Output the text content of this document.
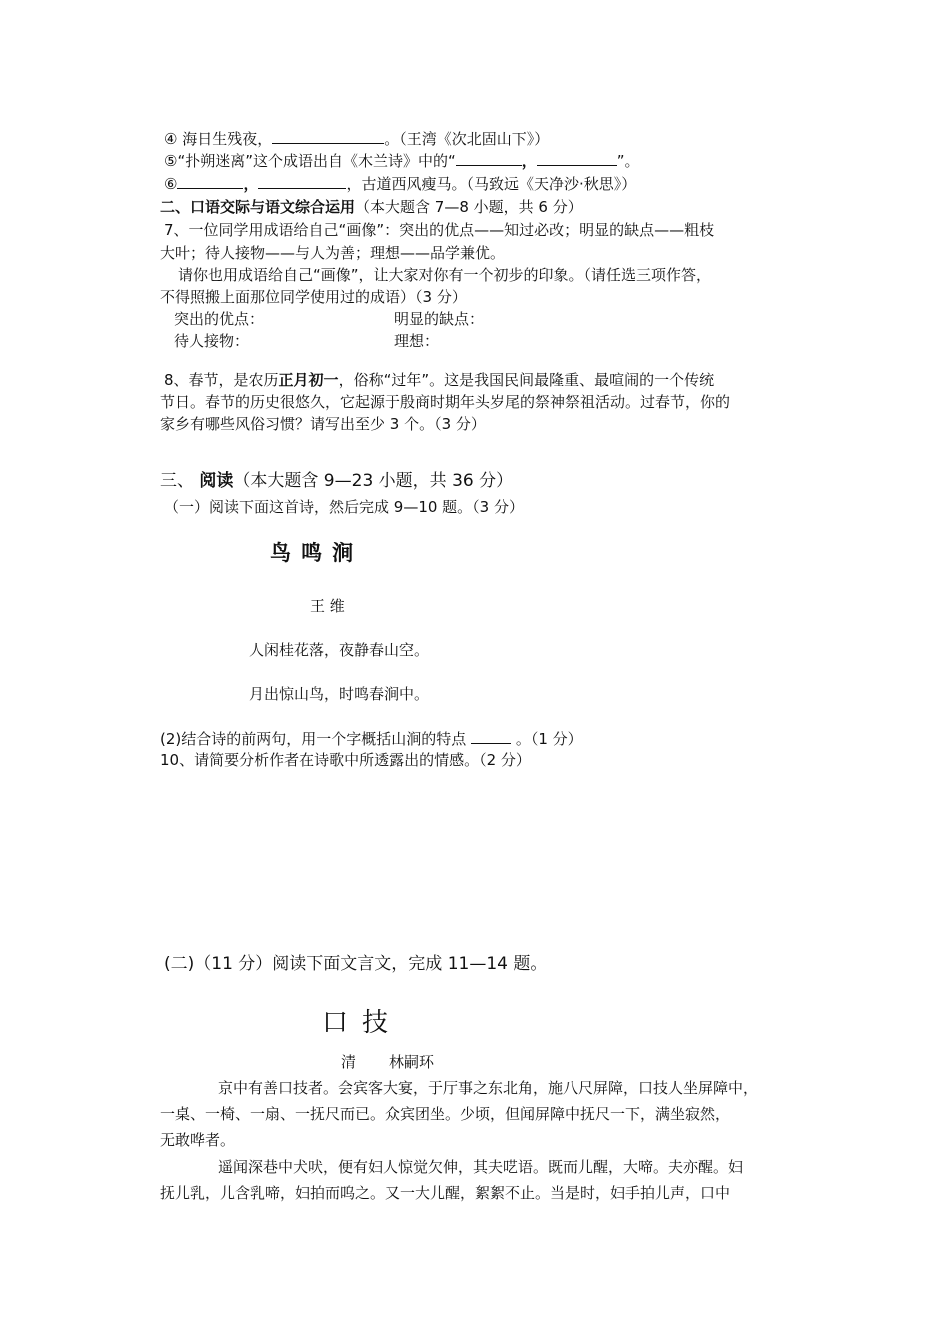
④ 海日生残夜，	。（王湾《次北固山下》）
⑤“扑朔迷离”这个成语出自《木兰诗》中的“	，	”。
⑥	，	，古道西风瘦马。（马致远《天净沙·秋思》）
二、口语交际与语文综合运用（本大题含 7—8 小题，共 6 分）
7、一位同学用成语给自己“画像”：突出的优点——知过必改；明显的缺点——粗枝
大叶；待人接物——与人为善；理想——品学兼优。
请你也用成语给自己“画像”，让大家对你有一个初步的印象。（请任选三项作答，
不得照搬上面那位同学使用过的成语）（3 分）
突出的优点：	明显的缺点：
待人接物：	理想：
8、春节，是农历正月初一，俗称“过年”。这是我国民间最隆重、最喧闹的一个传统
节日。春节的历史很悠久，它起源于殷商时期年头岁尾的祭神祭祖活动。过春节，你的
家乡有哪些风俗习惯？请写出至少 3 个。（3 分）
三、 阅读（本大题含 9—23 小题，共 36 分）
（一）阅读下面这首诗，然后完成 9—10 题。（3 分）
鸟鸣涧
王 维
人闲桂花落，夜静春山空。
月出惊山鸟，时鸣春涧中。
(2)结合诗的前两句，用一个字概括山涧的特点	。（1 分）
10、请简要分析作者在诗歌中所透露出的情感。（2 分）
(二)（11 分）阅读下面文言文，完成 11—14 题。
口技
清 林嗣环
京中有善口技者。会宾客大宴，于厅事之东北角，施八尺屏障，口技人坐屏障中，
一桌、一椅、一扇、一抚尺而已。众宾团坐。少顷，但闻屏障中抚尺一下，满坐寂然，
无敢哗者。
遥闻深巷中犬吠，便有妇人惊觉欠伸，其夫呓语。既而儿醒，大啼。夫亦醒。妇
抚儿乳，儿含乳啼，妇拍而呜之。又一大儿醒，絮絮不止。当是时，妇手拍儿声，口中
